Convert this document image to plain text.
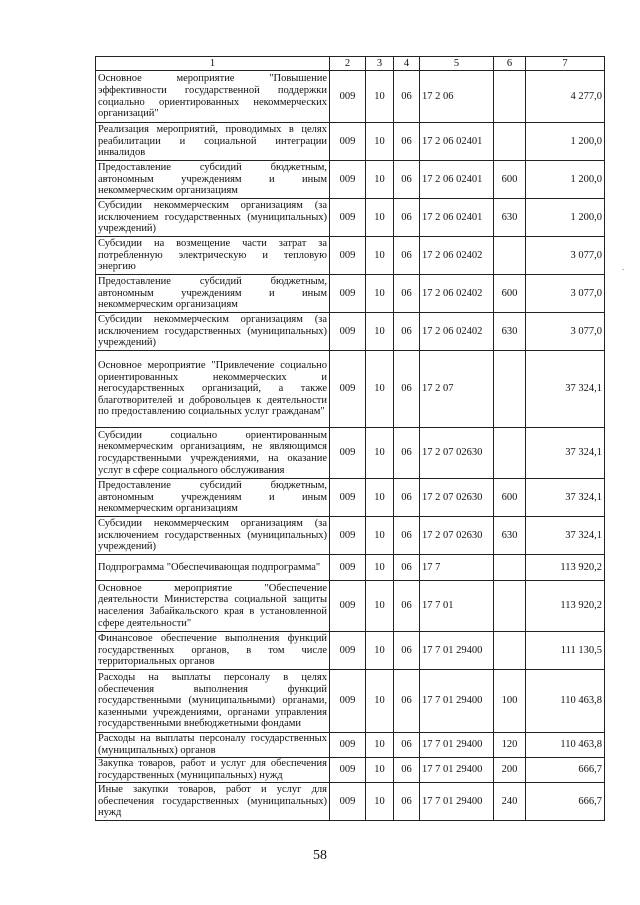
1	2	3	4	5	6	7
Основное мероприятие "Повышение эффективности государственной поддержки социально ориентированных некоммерческих организаций"	009	10	06	17 2 06		4 277,0
Реализация мероприятий, проводимых в целях реабилитации и социальной интеграции инвалидов	009	10	06	17 2 06 02401		1 200,0
Предоставление субсидий бюджетным, автономным учреждениям и иным некоммерческим организациям	009	10	06	17 2 06 02401	600	1 200,0
Субсидии некоммерческим организациям (за исключением государственных (муниципальных) учреждений)	009	10	06	17 2 06 02401	630	1 200,0
Субсидии на возмещение части затрат за потребленную электрическую и тепловую энергию	009	10	06	17 2 06 02402		3 077,0
Предоставление субсидий бюджетным, автономным учреждениям и иным некоммерческим организациям	009	10	06	17 2 06 02402	600	3 077,0
Субсидии некоммерческим организациям (за исключением государственных (муниципальных) учреждений)	009	10	06	17 2 06 02402	630	3 077,0
Основное мероприятие "Привлечение социально ориентированных некоммерческих и негосударственных организаций, а также благотворителей и добровольцев к деятельности по предоставлению социальных услуг гражданам"	009	10	06	17 2 07		37 324,1
Субсидии социально ориентированным некоммерческим организациям, не являющимся государственными учреждениями, на оказание услуг в сфере социального обслуживания	009	10	06	17 2 07 02630		37 324,1
Предоставление субсидий бюджетным, автономным учреждениям и иным некоммерческим организациям	009	10	06	17 2 07 02630	600	37 324,1
Субсидии некоммерческим организациям (за исключением государственных (муниципальных) учреждений)	009	10	06	17 2 07 02630	630	37 324,1
Подпрограмма "Обеспечивающая подпрограмма"	009	10	06	17 7		113 920,2
Основное мероприятие "Обеспечение деятельности Министерства социальной защиты населения Забайкальского края в установленной сфере деятельности"	009	10	06	17 7 01		113 920,2
Финансовое обеспечение выполнения функций государственных органов, в том числе территориальных органов	009	10	06	17 7 01 29400		111 130,5
Расходы на выплаты персоналу в целях обеспечения выполнения функций государственными (муниципальными) органами, казенными учреждениями, органами управления государственными внебюджетными фондами	009	10	06	17 7 01 29400	100	110 463,8
Расходы на выплаты персоналу государственных (муниципальных) органов	009	10	06	17 7 01 29400	120	110 463,8
Закупка товаров, работ и услуг для обеспечения государственных (муниципальных) нужд	009	10	06	17 7 01 29400	200	666,7
Иные закупки товаров, работ и услуг для обеспечения государственных (муниципальных) нужд	009	10	06	17 7 01 29400	240	666,7
.
58
